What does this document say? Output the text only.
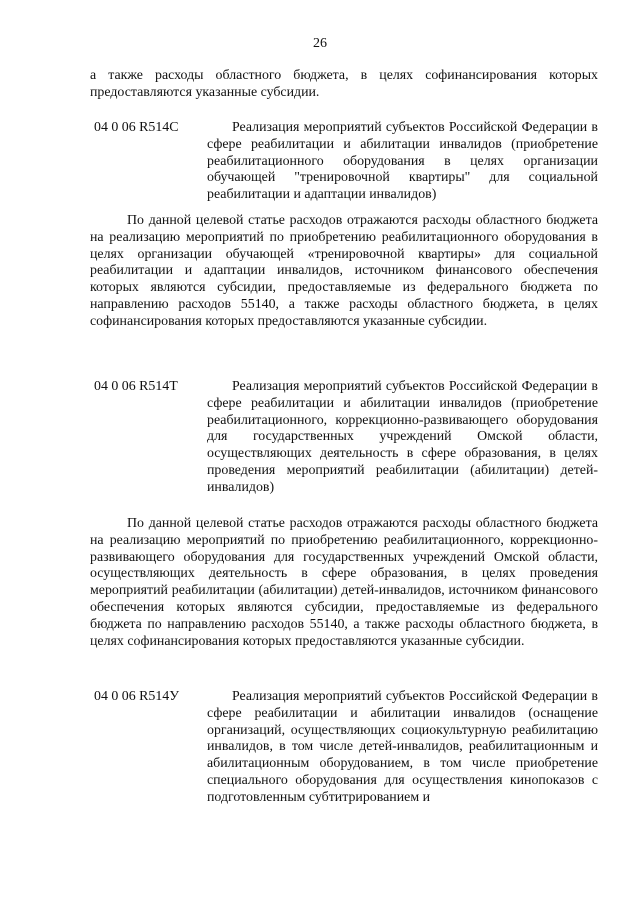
26
а также расходы областного бюджета, в целях софинансирования которых предоставляются указанные субсидии.
04 0 06 R514С	Реализация мероприятий субъектов Российской Федерации в сфере реабилитации и абилитации инвалидов (приобретение реабилитационного оборудования в целях организации обучающей "тренировочной квартиры" для социальной реабилитации и адаптации инвалидов)
По данной целевой статье расходов отражаются расходы областного бюджета на реализацию мероприятий по приобретению реабилитационного оборудования в целях организации обучающей «тренировочной квартиры» для социальной реабилитации и адаптации инвалидов, источником финансового обеспечения которых являются субсидии, предоставляемые из федерального бюджета по направлению расходов 55140, а также расходы областного бюджета, в целях софинансирования которых предоставляются указанные субсидии.
04 0 06 R514Т	Реализация мероприятий субъектов Российской Федерации в сфере реабилитации и абилитации инвалидов (приобретение реабилитационного, коррекционно-развивающего оборудования для государственных учреждений Омской области, осуществляющих деятельность в сфере образования, в целях проведения мероприятий реабилитации (абилитации) детей-инвалидов)
По данной целевой статье расходов отражаются расходы областного бюджета на реализацию мероприятий по приобретению реабилитационного, коррекционно-развивающего оборудования для государственных учреждений Омской области, осуществляющих деятельность в сфере образования, в целях проведения мероприятий реабилитации (абилитации) детей-инвалидов, источником финансового обеспечения которых являются субсидии, предоставляемые из федерального бюджета по направлению расходов 55140, а также расходы областного бюджета, в целях софинансирования которых предоставляются указанные субсидии.
04 0 06 R514У	Реализация мероприятий субъектов Российской Федерации в сфере реабилитации и абилитации инвалидов (оснащение организаций, осуществляющих социокультурную реабилитацию инвалидов, в том числе детей-инвалидов, реабилитационным и абилитационным оборудованием, в том числе приобретение специального оборудования для осуществления кинопоказов с подготовленным субтитрированием и
